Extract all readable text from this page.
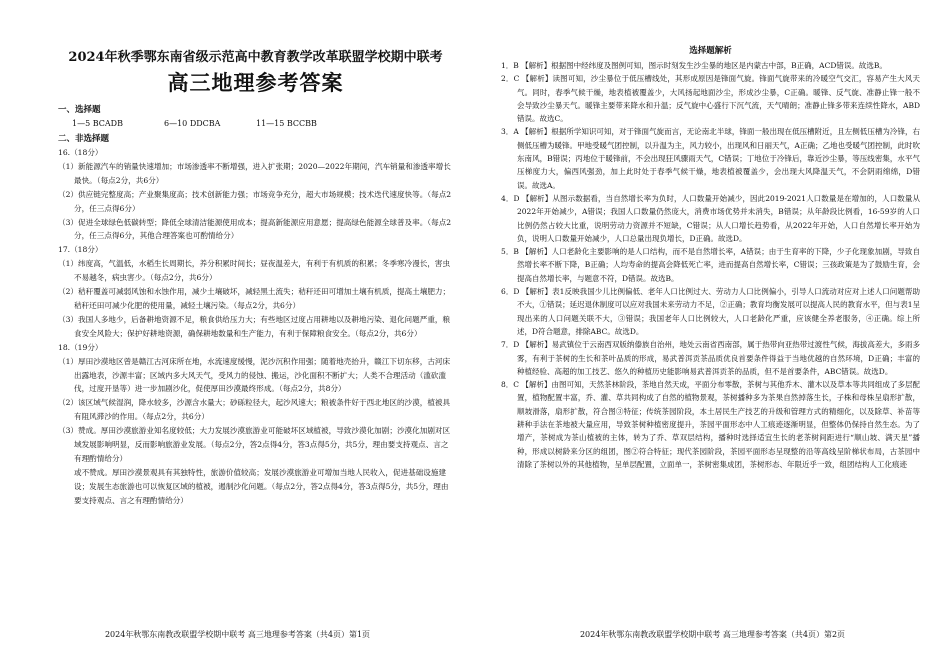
2024年秋季鄂东南省级示范高中教育教学改革联盟学校期中联考

高三地理参考答案

一、选择题

1—5 BCADB	6—10 DDCBA	11—15 BCCBB

二、非选择题

16.（18分）
（1）新能源汽车的销量快速增加；市场渗透率不断增强，进入扩张期；2020—2022年期间，汽车销量和渗透率增长最快。（每点2分，共6分）
（2）供应链完整度高；产业聚集度高；技术创新能力强；市场竞争充分，超大市场规模；技术迭代速度快等。（每点2分，任三点得6分）
（3）促进全球绿色低碳转型；降低全球清洁能源使用成本；提高新能源应用意愿；提高绿色能源全球普及率。（每点2分，任三点得6分，其他合理答案也可酌情给分）
17.（18分）
（1）纬度高，气温低，水稻生长周期长，养分积累时间长；昼夜温差大，有利于有机质的积累；冬季寒冷漫长，害虫不易越冬，病虫害少。（每点2分，共6分）
（2）秸秆覆盖可减弱风蚀和水蚀作用，减少土壤破坏，减轻黑土流失；秸秆还田可增加土壤有机质，提高土壤肥力；秸秆还田可减少化肥的使用量，减轻土壤污染。（每点2分，共6分）
（3）我国人多地少，后备耕地资源不足，粮食供给压力大；有些地区过度占用耕地以及耕地污染、退化问题严重，粮食安全风险大；保护好耕地资源，确保耕地数量和生产能力，有利于保障粮食安全。（每点2分，共6分）
18.（19分）
（1）厚田沙漠地区曾是赣江古河床所在地，水流速度缓慢，泥沙沉积作用强；随着地壳抬升，赣江下切东移，古河床出露地表，沙源丰富；区域内多大风天气，受风力的侵蚀、搬运，沙化面积不断扩大；人类不合理活动（滥砍滥伐，过度开垦等）进一步加剧沙化，促使厚田沙漠最终形成。（每点2分，共8分）
（2）该区域气候湿润，降水较多，沙源含水量大；砂砾粒径大，起沙风速大；粮被条件好于西北地区的沙漠，植被具有阻风滞沙的作用。（每点2分，共6分）
（3）赞成。厚田沙漠旅游业知名度较低；大力发展沙漠旅游业可能破坏区域植被，导致沙漠化加剧；沙漠化加剧对区域发展影响明显，反而影响旅游业发展。（每点2分，答2点得4分，答3点得5分，共5分，理由要支持观点、言之有理酌情给分）
或不赞成。厚田沙漠景观具有其独特性，旅游价值较高；发展沙漠旅游业可增加当地人民收入，促进基础设施建设；发展生态旅游也可以恢复区域的植被，遏制沙化问题。（每点2分，答2点得4分，答3点得5分，共5分，理由要支持观点、言之有理酌情给分）
2024年秋鄂东南教改联盟学校期中联考 高三地理参考答案（共4页）第1页

选择题解析

1．B 【解析】根据图中经纬度及图例可知，图示时刻发生沙尘暴的地区是内蒙古中部，B正确，ACD错误。故选B。
2．C 【解析】读图可知，沙尘暴位于低压槽线处，其形成原因是锋面气旋。锋面气旋带来的冷暖空气交汇，容易产生大风天气。同时，春季气候干燥，地表植被覆盖少，大风扬起地面沙尘，形成沙尘暴，C正确。暖锋、反气旋、准静止锋一般不会导致沙尘暴天气。暖锋主要带来降水和升温；反气旋中心盛行下沉气流，天气晴朗；准静止锋多带来连续性降水，ABD错误。故选C。
3．A 【解析】根据所学知识可知，对于锋面气旋而言，无论南北半球，锋面一般出现在低压槽附近，且左侧低压槽为冷锋，右侧低压槽为暖锋。甲地受暖气团控制，以升温为主，风力较小，出现风和日丽天气，A正确；乙地也受暖气团控制，此时吹东南风，B错误；丙地位于暖锋前，不会出现狂风骤雨天气，C错误；丁地位于冷锋后，靠近沙尘暴，等压线密集，水平气压梯度力大，偏西风强劲，加上此时处于春季气候干燥，地表植被覆盖少，会出现大风降温天气，不会阴雨绵绵，D错误。故选A。
4．D 【解析】从图示数据看，当自然增长率为负时，人口数量开始减少，因此2019-2021人口数量是在增加的，人口数量从2022年开始减少，A错误；我国人口数量仍然庞大，消费市场优势并未消失，B错误；从年龄段比例看，16-59岁的人口比例仍然占较大比重，说明劳动力资源并不短缺，C错误；从人口增长趋势看，从2022年开始，人口自然增长率开始为负，说明人口数量开始减少，人口总量出现负增长，D正确。故选D。
5．B 【解析】人口老龄化主要影响的是人口结构，而不是自然增长率，A错误；由于生育率的下降，少子化现象加剧，导致自然增长率不断下降，B正确；人均寿命的提高会降低死亡率，进而提高自然增长率，C错误；三孩政策是为了鼓励生育，会提高自然增长率，与题意不符，D错误。故选B。
6．D 【解析】表1反映我国少儿比例偏低、老年人口比例过大、劳动力人口比例偏小，引导人口流动对应对上述人口问题帮助不大，①错误；延迟退休制度可以应对我国未来劳动力不足，②正确；教育均衡发展可以提高人民的教育水平，但与表1呈现出来的人口问题关联不大，③错误；我国老年人口比例较大，人口老龄化严重，应该健全养老服务，④正确。综上所述，D符合题意，排除ABC。故选D。
7．D 【解析】易武镇位于云南西双版纳傣族自治州，地处云南省西南部，属于热带向亚热带过渡性气候，海拔高差大，多雨多雾，有利于茶树的生长和茶叶品质的形成，易武普洱贡茶品质优良首要条件得益于当地优越的自然环境，D正确；丰富的种植经验、高超的加工技艺、悠久的种植历史能影响易武普洱贡茶的品质，但不是首要条件，ABC错误。故选D。
8．C 【解析】由图可知，天然茶林阶段，茶地自然天成，平面分布零散，茶树与其他乔木、灌木以及草本等共同组成了多层配置，植物配置丰富，乔、灌、草共同构成了自然的植物景观，茶树播种多为茶果自然掉落生长，子株和母株呈扇形扩散，顺坡滑落，扇形扩散，符合图③特征；传统茶园阶段，本土居民生产技艺的升级和管理方式的精细化，以及除草、补苗等耕种手法在茶地被大量应用，导致茶树种植密度提升，茶园平面形态中人工痕迹逐渐明显，但整体仍保持自然生态。为了增产，茶树成为茶山植被的主体，转为了乔、草双层结构，播种时选择适宜生长的老茶树间距进行“顺山坡、满天星”播种，形成以树龄来分区的组团，图②符合特征；现代茶园阶段，茶园平面形态呈现整的沿等高线呈阶梯状布局，古茶园中清除了茶树以外的其他植物，呈单层配置，立面单一，茶树密集成团，茶树形态、年限近乎一致，组团结构人工化痕迹
2024年秋鄂东南教改联盟学校期中联考 高三地理参考答案（共4页）第2页
